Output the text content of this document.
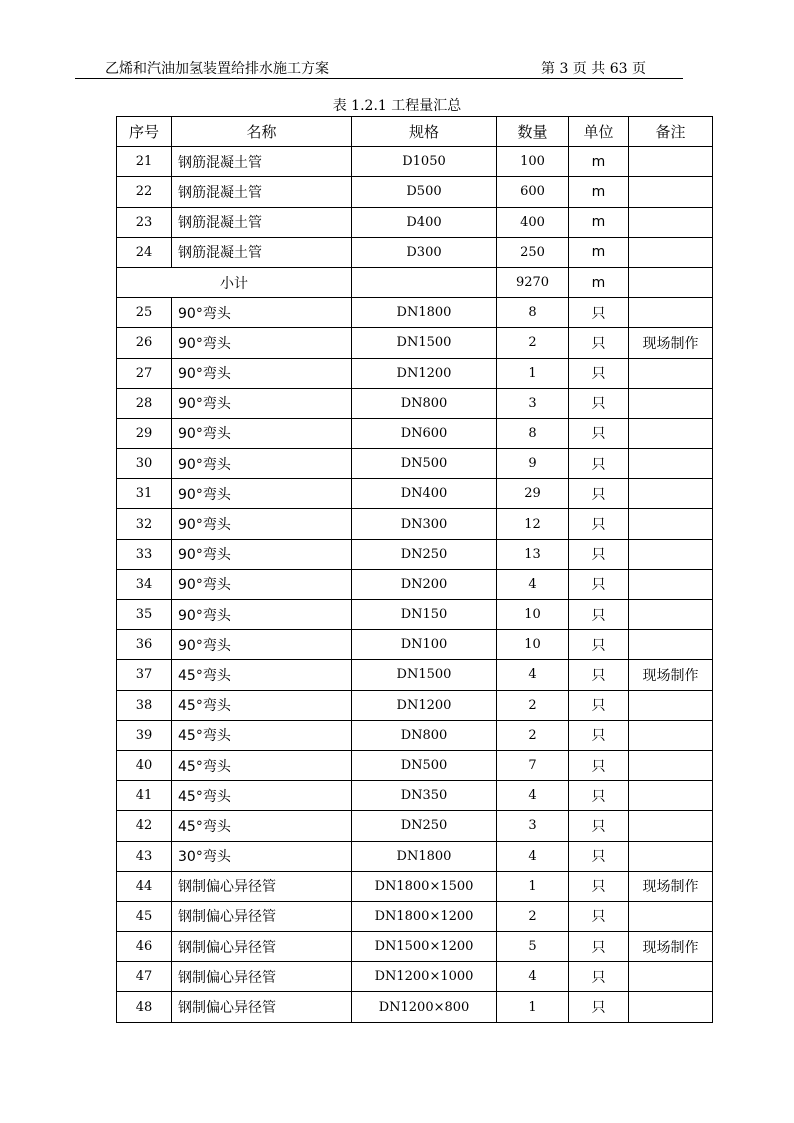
乙烯和汽油加氢装置给排水施工方案	第 3 页 共 63 页
表 1.2.1 工程量汇总
序号	名称	规格	数量	单位	备注
21	钢筋混凝土管	D1050	100	m	
22	钢筋混凝土管	D500	600	m	
23	钢筋混凝土管	D400	400	m	
24	钢筋混凝土管	D300	250	m	
小计			9270	m	
25	90°弯头	DN1800	8	只	
26	90°弯头	DN1500	2	只	现场制作
27	90°弯头	DN1200	1	只	
28	90°弯头	DN800	3	只	
29	90°弯头	DN600	8	只	
30	90°弯头	DN500	9	只	
31	90°弯头	DN400	29	只	
32	90°弯头	DN300	12	只	
33	90°弯头	DN250	13	只	
34	90°弯头	DN200	4	只	
35	90°弯头	DN150	10	只	
36	90°弯头	DN100	10	只	
37	45°弯头	DN1500	4	只	现场制作
38	45°弯头	DN1200	2	只	
39	45°弯头	DN800	2	只	
40	45°弯头	DN500	7	只	
41	45°弯头	DN350	4	只	
42	45°弯头	DN250	3	只	
43	30°弯头	DN1800	4	只	
44	钢制偏心异径管	DN1800×1500	1	只	现场制作
45	钢制偏心异径管	DN1800×1200	2	只	
46	钢制偏心异径管	DN1500×1200	5	只	现场制作
47	钢制偏心异径管	DN1200×1000	4	只	
48	钢制偏心异径管	DN1200×800	1	只	
